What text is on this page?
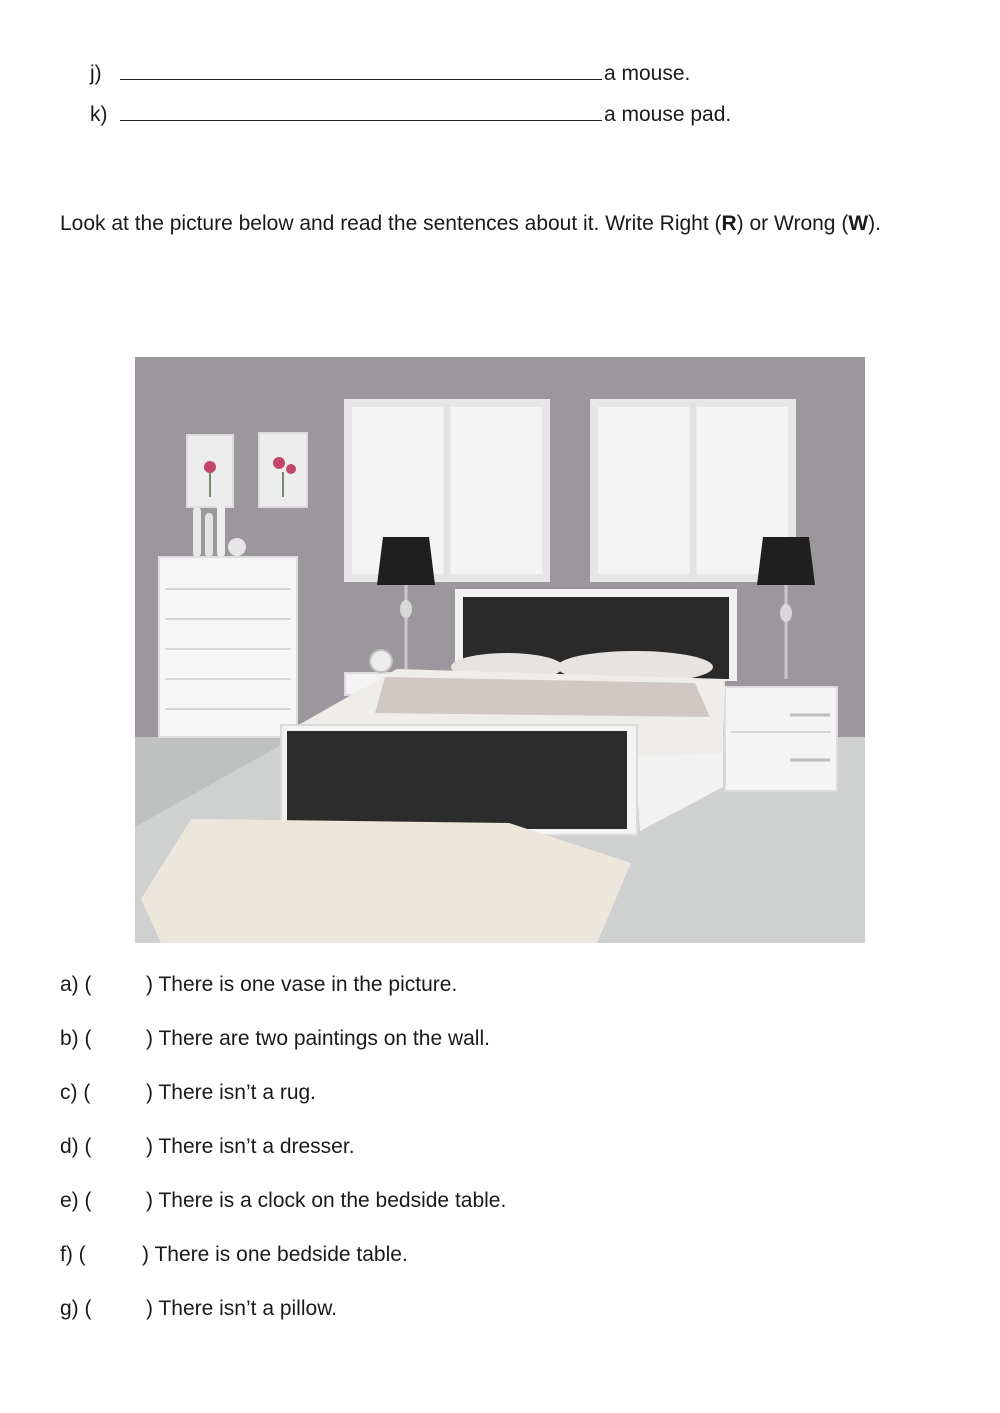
j)	a mouse.
k)	a mouse pad.
Look at the picture below and read the sentences about it. Write Right (R) or Wrong (W).
a) (	) There is one vase in the picture.
b) (	) There are two paintings on the wall.
c) (	) There isn’t a rug.
d) (	) There isn’t a dresser.
e) (	) There is a clock on the bedside table.
f) (	) There is one bedside table.
g) (	) There isn’t a pillow.
